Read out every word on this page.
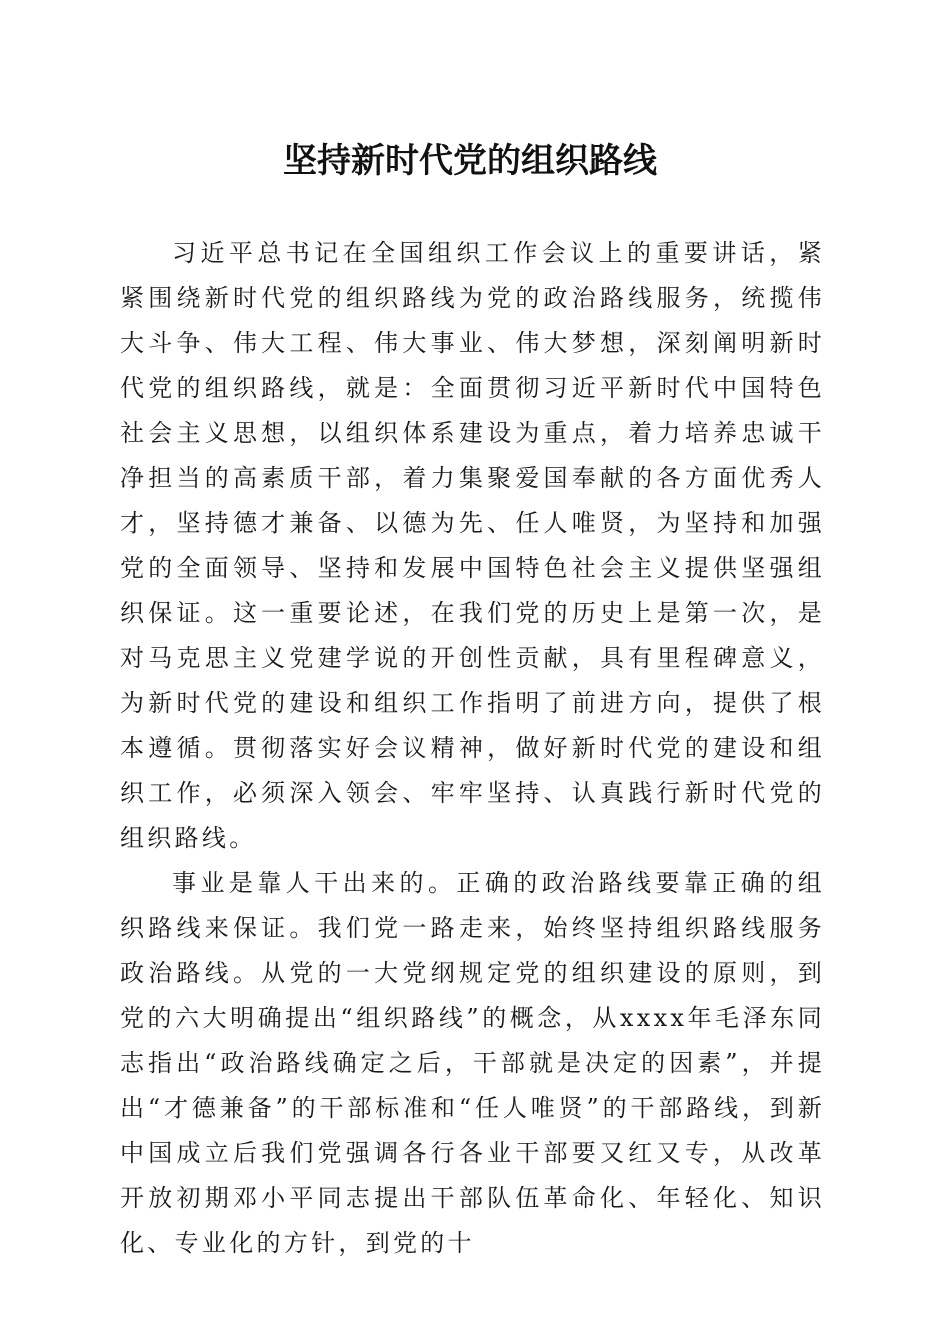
坚持新时代党的组织路线

习近平总书记在全国组织工作会议上的重要讲话，紧紧围绕新时代党的组织路线为党的政治路线服务，统揽伟大斗争、伟大工程、伟大事业、伟大梦想，深刻阐明新时代党的组织路线，就是：全面贯彻习近平新时代中国特色社会主义思想，以组织体系建设为重点，着力培养忠诚干净担当的高素质干部，着力集聚爱国奉献的各方面优秀人才，坚持德才兼备、以德为先、任人唯贤，为坚持和加强党的全面领导、坚持和发展中国特色社会主义提供坚强组织保证。这一重要论述，在我们党的历史上是第一次，是对马克思主义党建学说的开创性贡献，具有里程碑意义，为新时代党的建设和组织工作指明了前进方向，提供了根本遵循。贯彻落实好会议精神，做好新时代党的建设和组织工作，必须深入领会、牢牢坚持、认真践行新时代党的组织路线。

事业是靠人干出来的。正确的政治路线要靠正确的组织路线来保证。我们党一路走来，始终坚持组织路线服务政治路线。从党的一大党纲规定党的组织建设的原则，到党的六大明确提出“组织路线”的概念，从xxxx年毛泽东同志指出“政治路线确定之后，干部就是决定的因素”，并提出“才德兼备”的干部标准和“任人唯贤”的干部路线，到新中国成立后我们党强调各行各业干部要又红又专，从改革开放初期邓小平同志提出干部队伍革命化、年轻化、知识化、专业化的方针，到党的十
